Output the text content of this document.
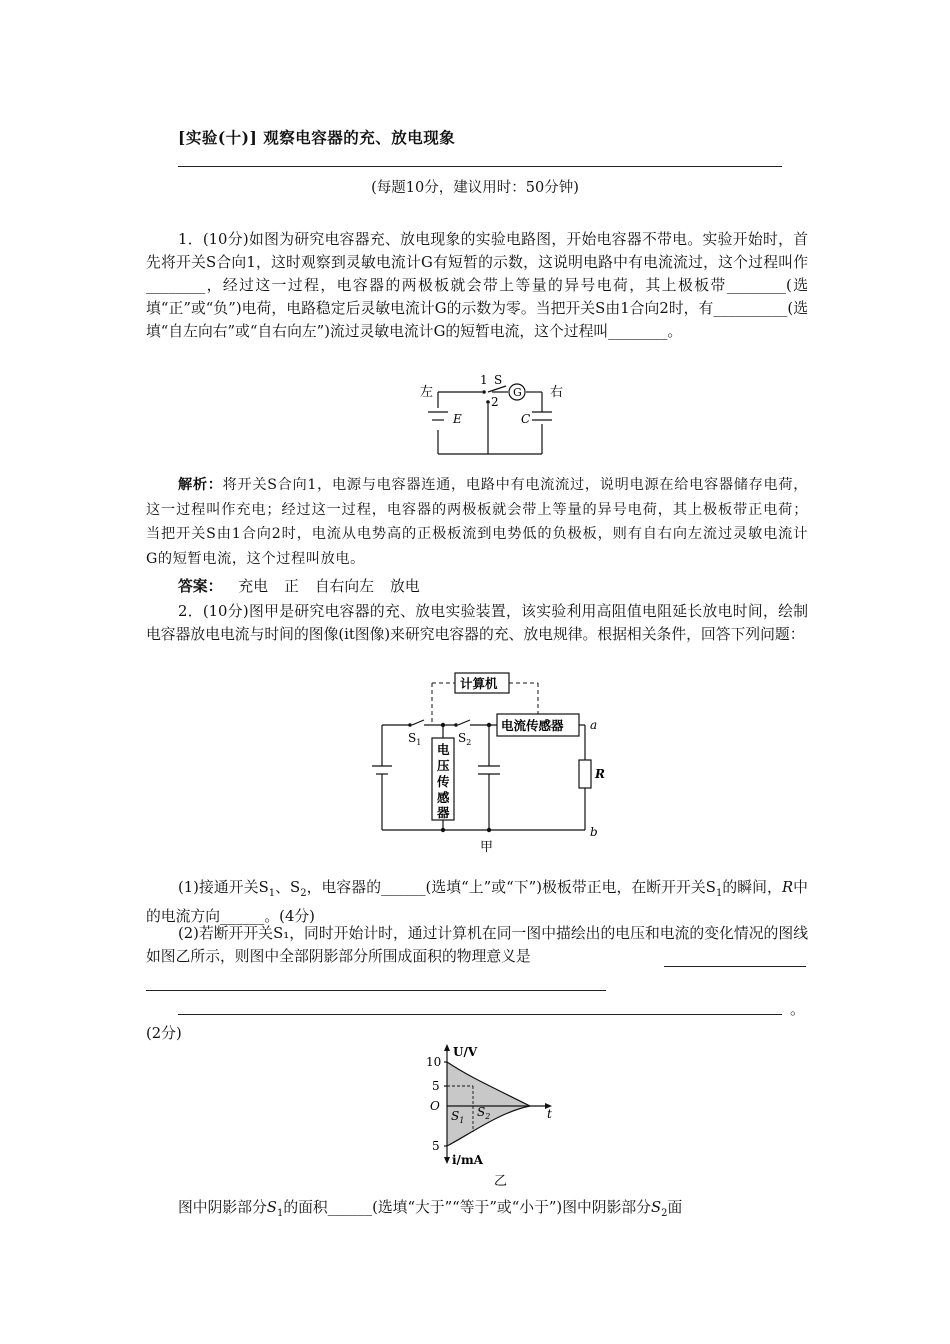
[实验(十)] 观察电容器的充、放电现象
(每题10分，建议用时：50分钟)
1．(10分)如图为研究电容器充、放电现象的实验电路图，开始电容器不带电。实验开始时，首先将开关S合向1，这时观察到灵敏电流计G有短暂的示数，这说明电路中有电流流过，这个过程叫作________，经过这一过程，电容器的两极板就会带上等量的异号电荷，其上极板带________(选填“正”或“负”)电荷，电路稳定后灵敏电流计G的示数为零。当把开关S由1合向2时，有__________(选填“自左向右”或“自右向左”)流过灵敏电流计G的短暂电流，这个过程叫________。
左	右
1 S
2
G
E	C
解析：将开关S合向1，电源与电容器连通，电路中有电流流过，说明电源在给电容器储存电荷，这一过程叫作充电；经过这一过程，电容器的两极板就会带上等量的异号电荷，其上极板带正电荷；当把开关S由1合向2时，电流从电势高的正极板流到电势低的负极板，则有自右向左流过灵敏电流计G的短暂电流，这个过程叫放电。
答案： 充电 正 自右向左 放电
2．(10分)图甲是研究电容器的充、放电实验装置，该实验利用高阻值电阻延长放电时间，绘制电容器放电电流与时间的图像(it图像)来研究电容器的充、放电规律。根据相关条件，回答下列问题：
计算机
电流传感器
电
压
传
感
器
$S_1$	$S_2$
a
b
R
甲
(1)接通开关$S_1$、$S_2$，电容器的______(选填“上”或“下”)极板带正电，在断开开关$S_1$的瞬间，R中的电流方向______。(4分)
(2)若断开开关S₁，同时开始计时，通过计算机在同一图中描绘出的电压和电流的变化情况的图线如图乙所示，则图中全部阴影部分所围成面积的物理意义是
。
(2分)
U/V
10
5
O
5
i/mA
t
$S_1$
$S_2$
乙
图中阴影部分$S_1$的面积______(选填“大于”“等于”或“小于”)图中阴影部分$S_2$面
